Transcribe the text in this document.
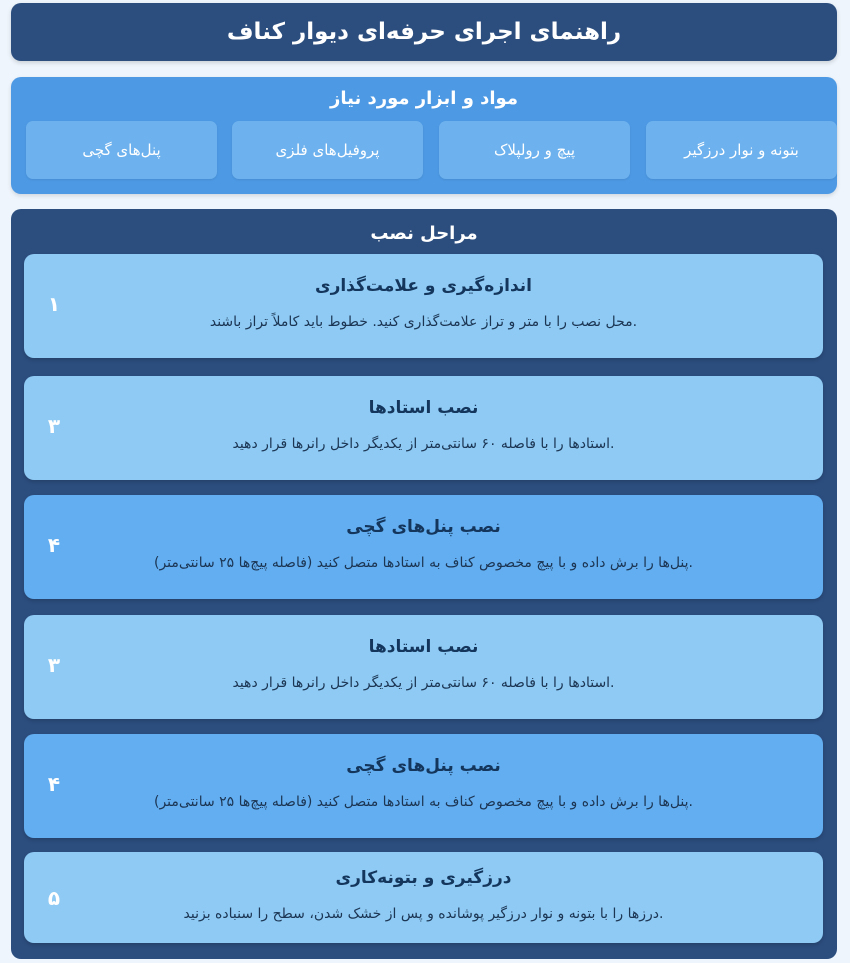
راهنمای اجرای حرفه‌ای دیوار کناف
مواد و ابزار مورد نیاز
بتونه و نوار درزگیر
پیچ و رولپلاک
پروفیل‌های فلزی
پنل‌های گچی
مراحل نصب
اندازه‌گیری و علامت‌گذاری
.محل نصب را با متر و تراز علامت‌گذاری کنید. خطوط باید کاملاً تراز باشند
۱
نصب استادها
.استادها را با فاصله ۶۰ سانتی‌متر از یکدیگر داخل رانرها قرار دهید
۳
نصب پنل‌های گچی
.پنل‌ها را برش داده و با پیچ مخصوص کناف به استادها متصل کنید (فاصله پیچ‌ها ۲۵ سانتی‌متر)
۴
نصب استادها
.استادها را با فاصله ۶۰ سانتی‌متر از یکدیگر داخل رانرها قرار دهید
۳
نصب پنل‌های گچی
.پنل‌ها را برش داده و با پیچ مخصوص کناف به استادها متصل کنید (فاصله پیچ‌ها ۲۵ سانتی‌متر)
۴
درزگیری و بتونه‌کاری
.درزها را با بتونه و نوار درزگیر پوشانده و پس از خشک شدن، سطح را سنباده بزنید
۵
